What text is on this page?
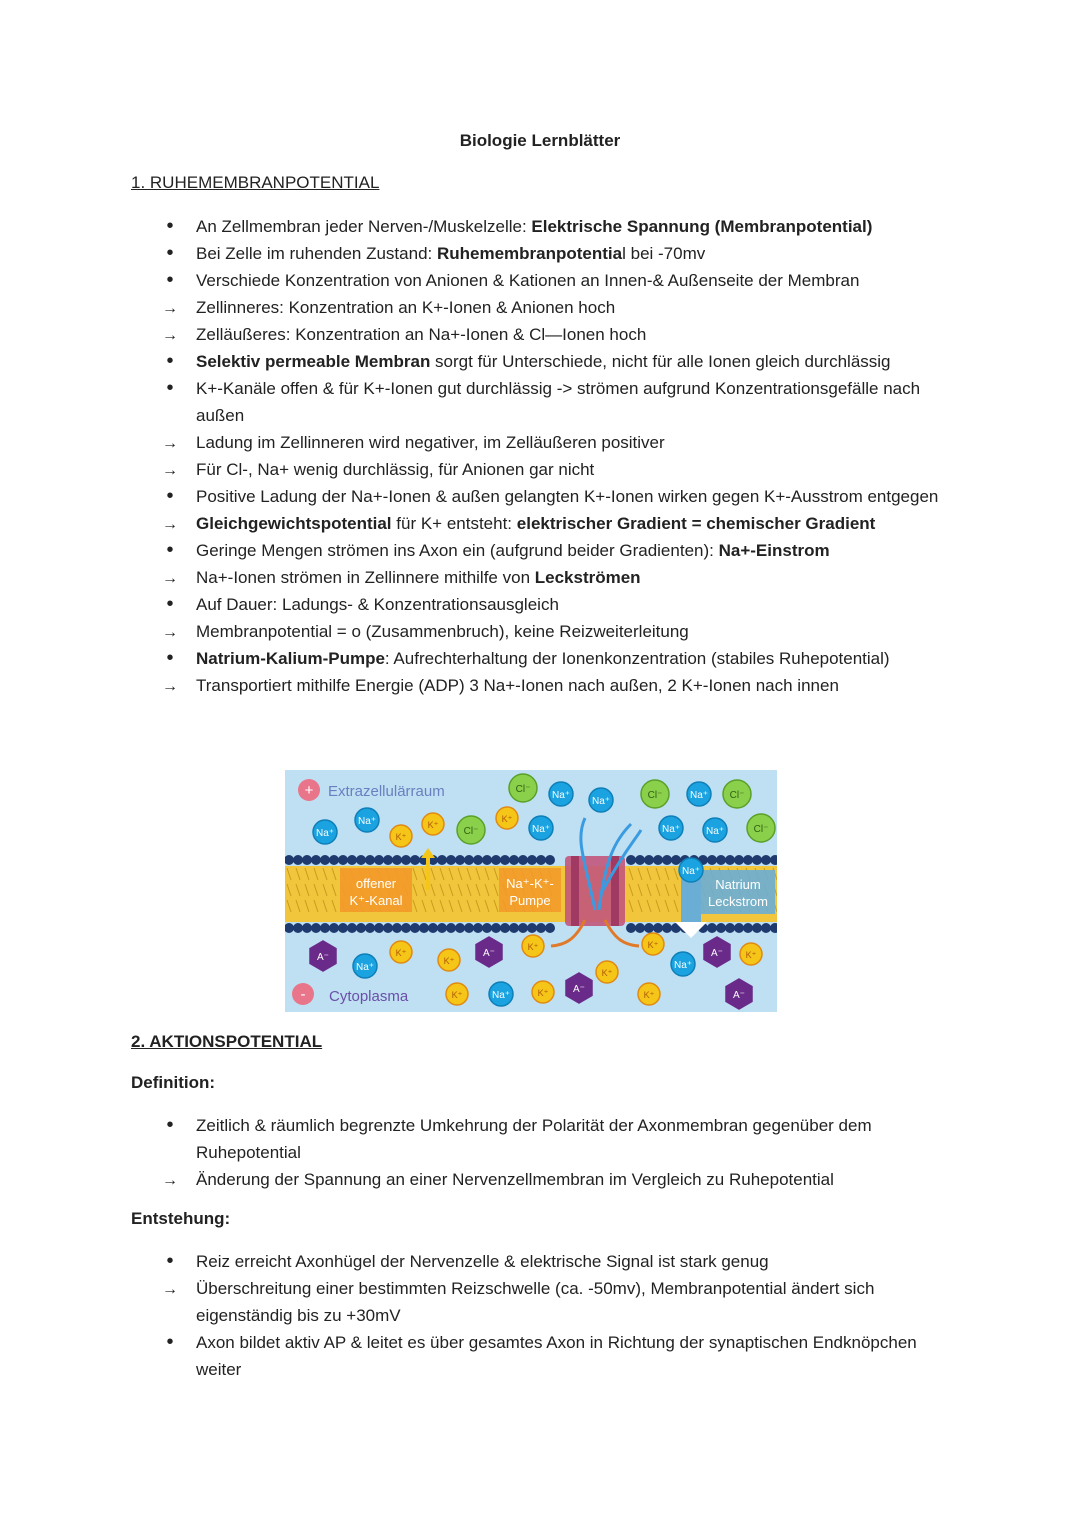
Biologie Lernblätter
1. RUHEMEMBRANPOTENTIAL
•
An Zellmembran jeder Nerven-/Muskelzelle: Elektrische Spannung (Membranpotential)
•
Bei Zelle im ruhenden Zustand: Ruhemembranpotential bei -70mv
•
Verschiede Konzentration von Anionen & Kationen an Innen-& Außenseite der Membran
→
Zellinneres: Konzentration an K+-Ionen & Anionen hoch
→
Zelläußeres: Konzentration an Na+-Ionen & Cl—Ionen hoch
•
Selektiv permeable Membran sorgt für Unterschiede, nicht für alle Ionen gleich durchlässig
•
K+-Kanäle offen & für K+-Ionen gut durchlässig -> strömen aufgrund Konzentrationsgefälle nach außen
→
Ladung im Zellinneren wird negativer, im Zelläußeren positiver
→
Für Cl-, Na+ wenig durchlässig, für Anionen gar nicht
•
Positive Ladung der Na+-Ionen & außen gelangten K+-Ionen wirken gegen K+-Ausstrom entgegen
→
Gleichgewichtspotential für K+ entsteht: elektrischer Gradient = chemischer Gradient
•
Geringe Mengen strömen ins Axon ein (aufgrund beider Gradienten): Na+-Einstrom
→
Na+-Ionen strömen in Zellinnere mithilfe von Leckströmen
•
Auf Dauer: Ladungs- & Konzentrationsausgleich
→
Membranpotential = o (Zusammenbruch), keine Reizweiterleitung
•
Natrium-Kalium-Pumpe: Aufrechterhaltung der Ionenkonzentration (stabiles Ruhepotential)
→
Transportiert mithilfe Energie (ADP) 3 Na+-Ionen nach außen, 2 K+-Ionen nach innen
offener
K⁺-Kanal
Na⁺-K⁺-
Pumpe
Natrium
Leckstrom
+ Extrazellulärraum
- Cytoplasma
Cl⁻
Na⁺
Na⁺
Cl⁻	Na⁺ Cl⁻
Na⁺
Na⁺
K⁺
K⁺
Cl⁻
K⁺
Na⁺	Na⁺	Na⁺	Cl⁻
Na⁺
A⁻
Na⁺
K⁺
K⁺
A⁻
K⁺
K⁺
K⁺
Na⁺
A⁻	K⁺
K⁺	Na⁺	K⁺ A⁻	K⁺	A⁻
2. AKTIONSPOTENTIAL
Definition:
•
Zeitlich & räumlich begrenzte Umkehrung der Polarität der Axonmembran gegenüber dem Ruhepotential
→
Änderung der Spannung an einer Nervenzellmembran im Vergleich zu Ruhepotential
Entstehung:
•
Reiz erreicht Axonhügel der Nervenzelle & elektrische Signal ist stark genug
→
Überschreitung einer bestimmten Reizschwelle (ca. -50mv), Membranpotential ändert sich eigenständig bis zu +30mV
•
Axon bildet aktiv AP & leitet es über gesamtes Axon in Richtung der synaptischen Endknöpchen weiter
